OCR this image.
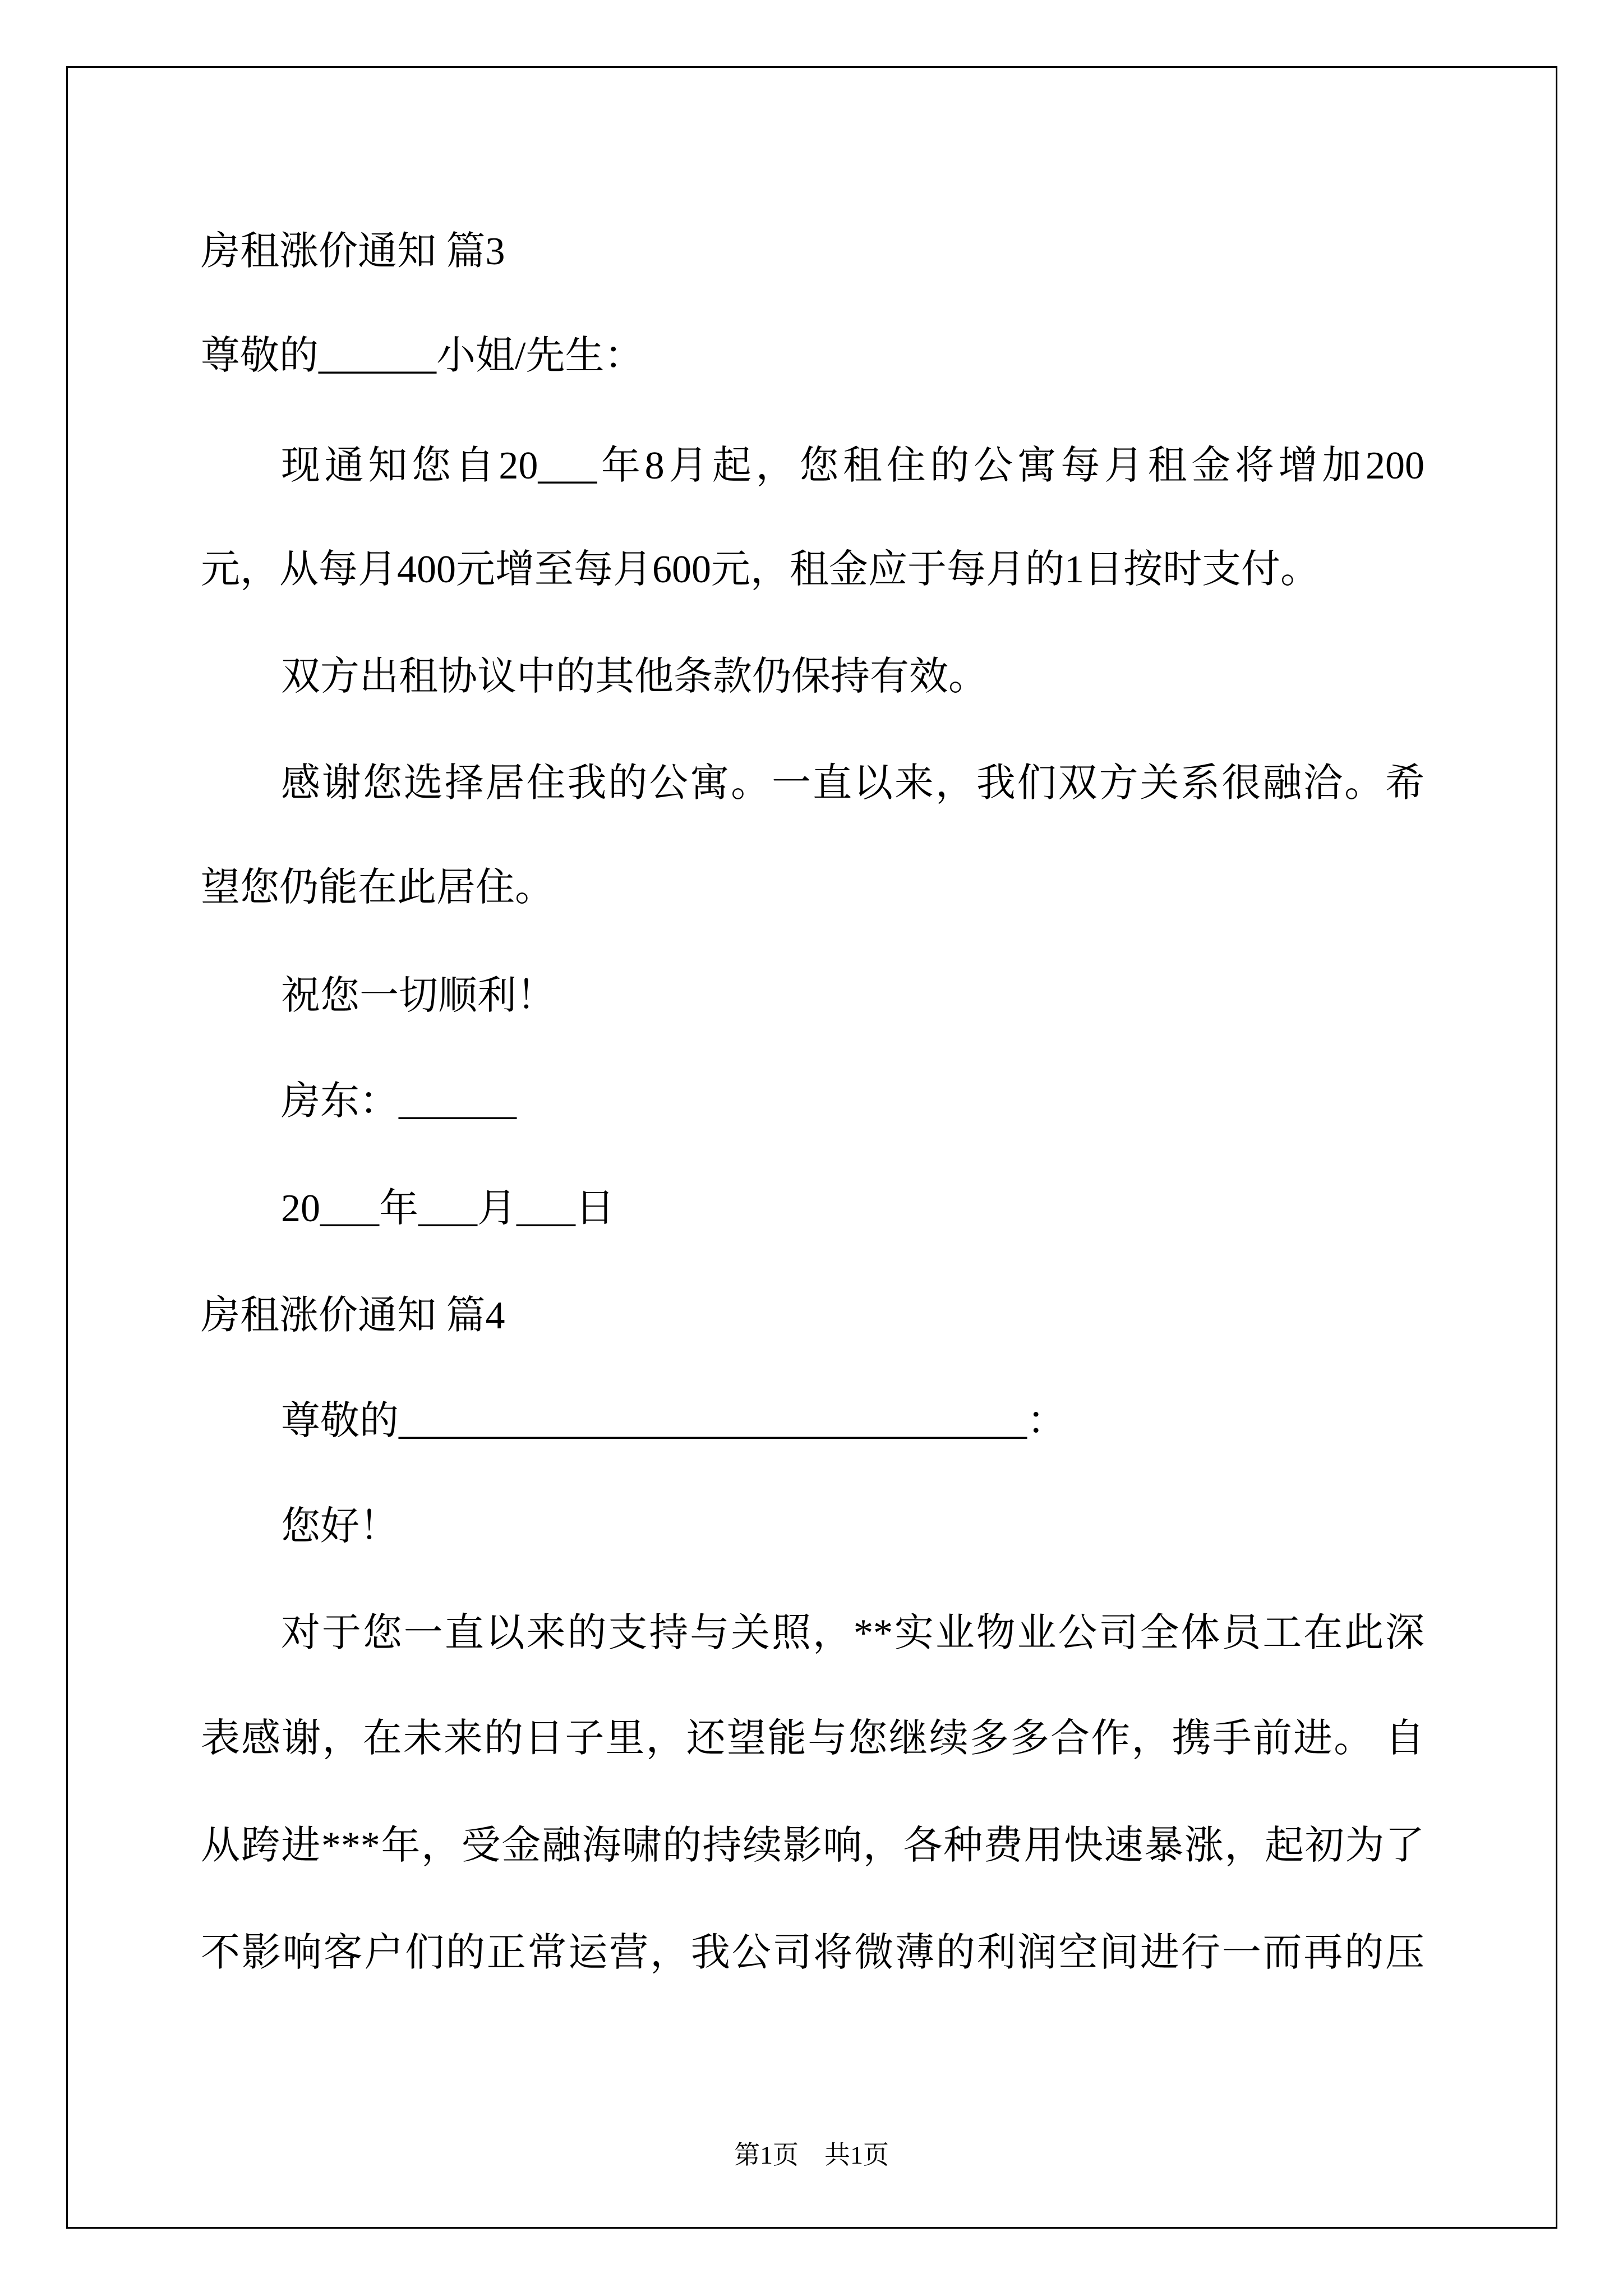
房租涨价通知 篇3
尊敬的______小姐/先生：
现通知您自20___年8月起，您租住的公寓每月租金将增加200
元，从每月400元增至每月600元，租金应于每月的1日按时支付。
双方出租协议中的其他条款仍保持有效。
感谢您选择居住我的公寓。一直以来，我们双方关系很融洽。希
望您仍能在此居住。
祝您一切顺利！
房东：______
20___年___月___日
房租涨价通知 篇4
尊敬的________________________________：
您好！
对于您一直以来的支持与关照，**实业物业公司全体员工在此深
表感谢，在未来的日子里，还望能与您继续多多合作，携手前进。 自
从跨进***年，受金融海啸的持续影响，各种费用快速暴涨，起初为了
不影响客户们的正常运营，我公司将微薄的利润空间进行一而再的压
第1页　共1页
